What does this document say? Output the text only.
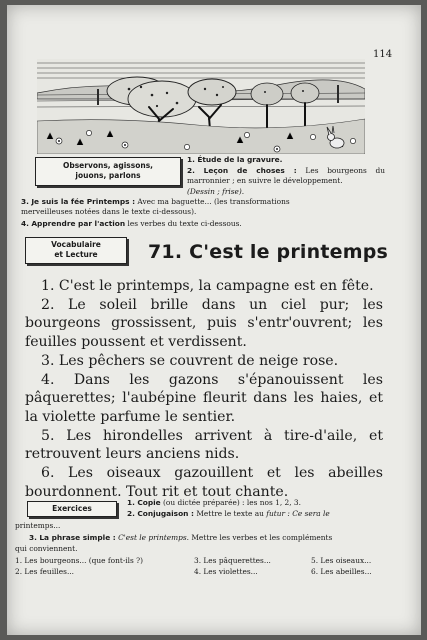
114
Observons, agissons,
jouons, parlons
1. Étude de la gravure.
2. Leçon de choses : Les bourgeons du marronnier ; en suivre le développement.
(Dessin ; frise).
3. Je suis la fée Printemps : Avec ma baguette... (les transformations
merveilleuses notées dans le texte ci-dessous).
4. Apprendre par l'action les verbes du texte ci-dessous.
Vocabulaire
et Lecture	71. C'est le printemps

1. C'est le printemps, la campagne est en fête.

2. Le soleil brille dans un ciel pur; les bourgeons grossissent, puis s'entr'ouvrent; les feuilles poussent et verdissent.

3. Les pêchers se couvrent de neige rose.

4. Dans les gazons s'épanouissent les pâquerettes; l'aubépine fleurit dans les haies, et la violette parfume le sentier.

5. Les hirondelles arrivent à tire-d'aile, et retrouvent leurs anciens nids.

6. Les oiseaux gazouillent et les abeilles bourdonnent. Tout rit et tout chante.

Exercices
1. Copie (ou dictée préparée) : les nos 1, 2, 3.
2. Conjugaison : Mettre le texte au futur : Ce sera le
printemps...
3. La phrase simple : C'est le printemps. Mettre les verbes et les compléments
qui conviennent.
1. Les bourgeons... (que font-ils ?)	3. Les pâquerettes...	5. Les oiseaux...
2. Les feuilles...	4. Les violettes...	6. Les abeilles...
